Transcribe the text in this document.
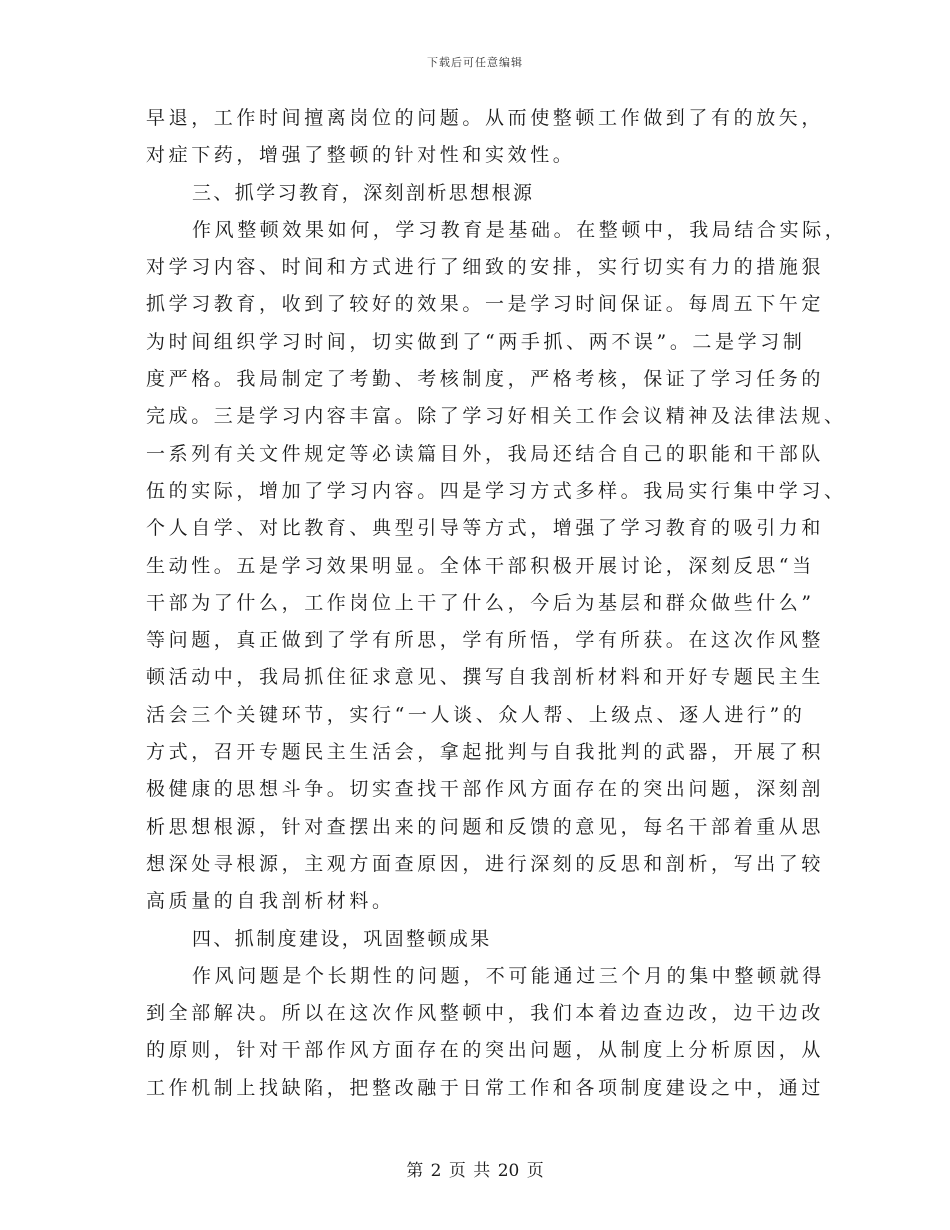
下载后可任意编辑
早退，工作时间擅离岗位的问题。从而使整顿工作做到了有的放矢，
对症下药，增强了整顿的针对性和实效性。
三、抓学习教育，深刻剖析思想根源
作风整顿效果如何，学习教育是基础。在整顿中，我局结合实际，
对学习内容、时间和方式进行了细致的安排，实行切实有力的措施狠
抓学习教育，收到了较好的效果。一是学习时间保证。每周五下午定
为时间组织学习时间，切实做到了“两手抓、两不误”。二是学习制
度严格。我局制定了考勤、考核制度，严格考核，保证了学习任务的
完成。三是学习内容丰富。除了学习好相关工作会议精神及法律法规、
一系列有关文件规定等必读篇目外，我局还结合自己的职能和干部队
伍的实际，增加了学习内容。四是学习方式多样。我局实行集中学习、
个人自学、对比教育、典型引导等方式，增强了学习教育的吸引力和
生动性。五是学习效果明显。全体干部积极开展讨论，深刻反思“当
干部为了什么，工作岗位上干了什么，今后为基层和群众做些什么”
等问题，真正做到了学有所思，学有所悟，学有所获。在这次作风整
顿活动中，我局抓住征求意见、撰写自我剖析材料和开好专题民主生
活会三个关键环节，实行“一人谈、众人帮、上级点、逐人进行”的
方式，召开专题民主生活会，拿起批判与自我批判的武器，开展了积
极健康的思想斗争。切实查找干部作风方面存在的突出问题，深刻剖
析思想根源，针对查摆出来的问题和反馈的意见，每名干部着重从思
想深处寻根源，主观方面查原因，进行深刻的反思和剖析，写出了较
高质量的自我剖析材料。
四、抓制度建设，巩固整顿成果
作风问题是个长期性的问题，不可能通过三个月的集中整顿就得
到全部解决。所以在这次作风整顿中，我们本着边查边改，边干边改
的原则，针对干部作风方面存在的突出问题，从制度上分析原因，从
工作机制上找缺陷，把整改融于日常工作和各项制度建设之中，通过
第 2 页 共 20 页
